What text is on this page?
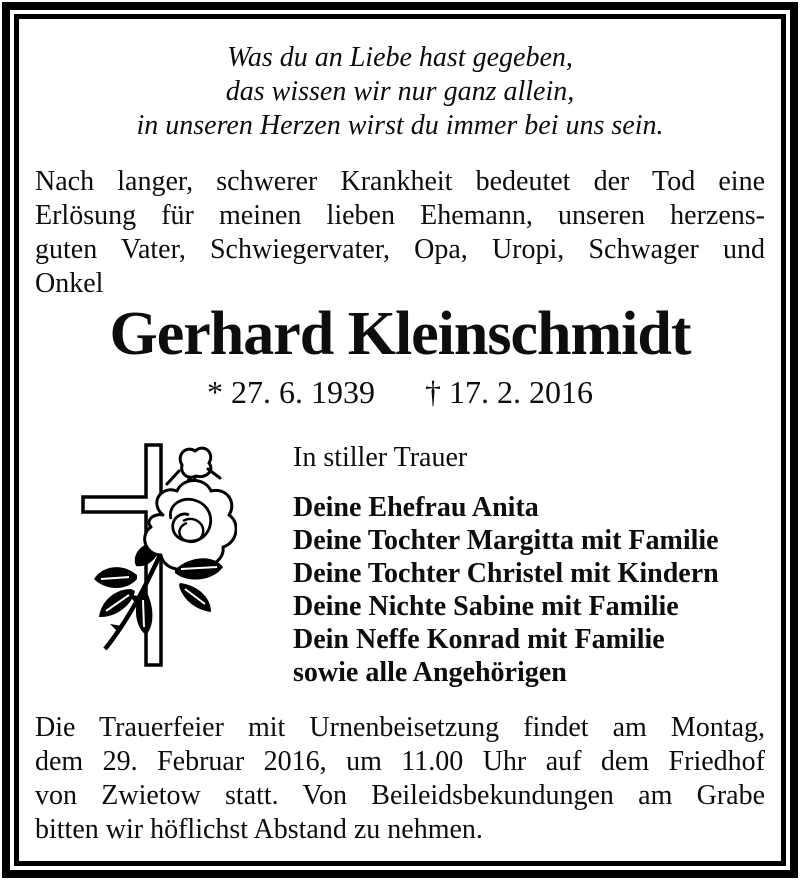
Was du an Liebe hast gegeben,
das wissen wir nur ganz allein,
in unseren Herzen wirst du immer bei uns sein.
Nach langer, schwerer Krankheit bedeutet der Tod eine
Erlösung für meinen lieben Ehemann, unseren herzens-
guten Vater, Schwiegervater, Opa, Uropi, Schwager und
Onkel
Gerhard Kleinschmidt
* 27. 6. 1939 † 17. 2. 2016
In stiller Trauer
Deine Ehefrau Anita
Deine Tochter Margitta mit Familie
Deine Tochter Christel mit Kindern
Deine Nichte Sabine mit Familie
Dein Neffe Konrad mit Familie
sowie alle Angehörigen
Die Trauerfeier mit Urnenbeisetzung findet am Montag,
dem 29. Februar 2016, um 11.00 Uhr auf dem Friedhof
von Zwietow statt. Von Beileidsbekundungen am Grabe
bitten wir höflichst Abstand zu nehmen.
